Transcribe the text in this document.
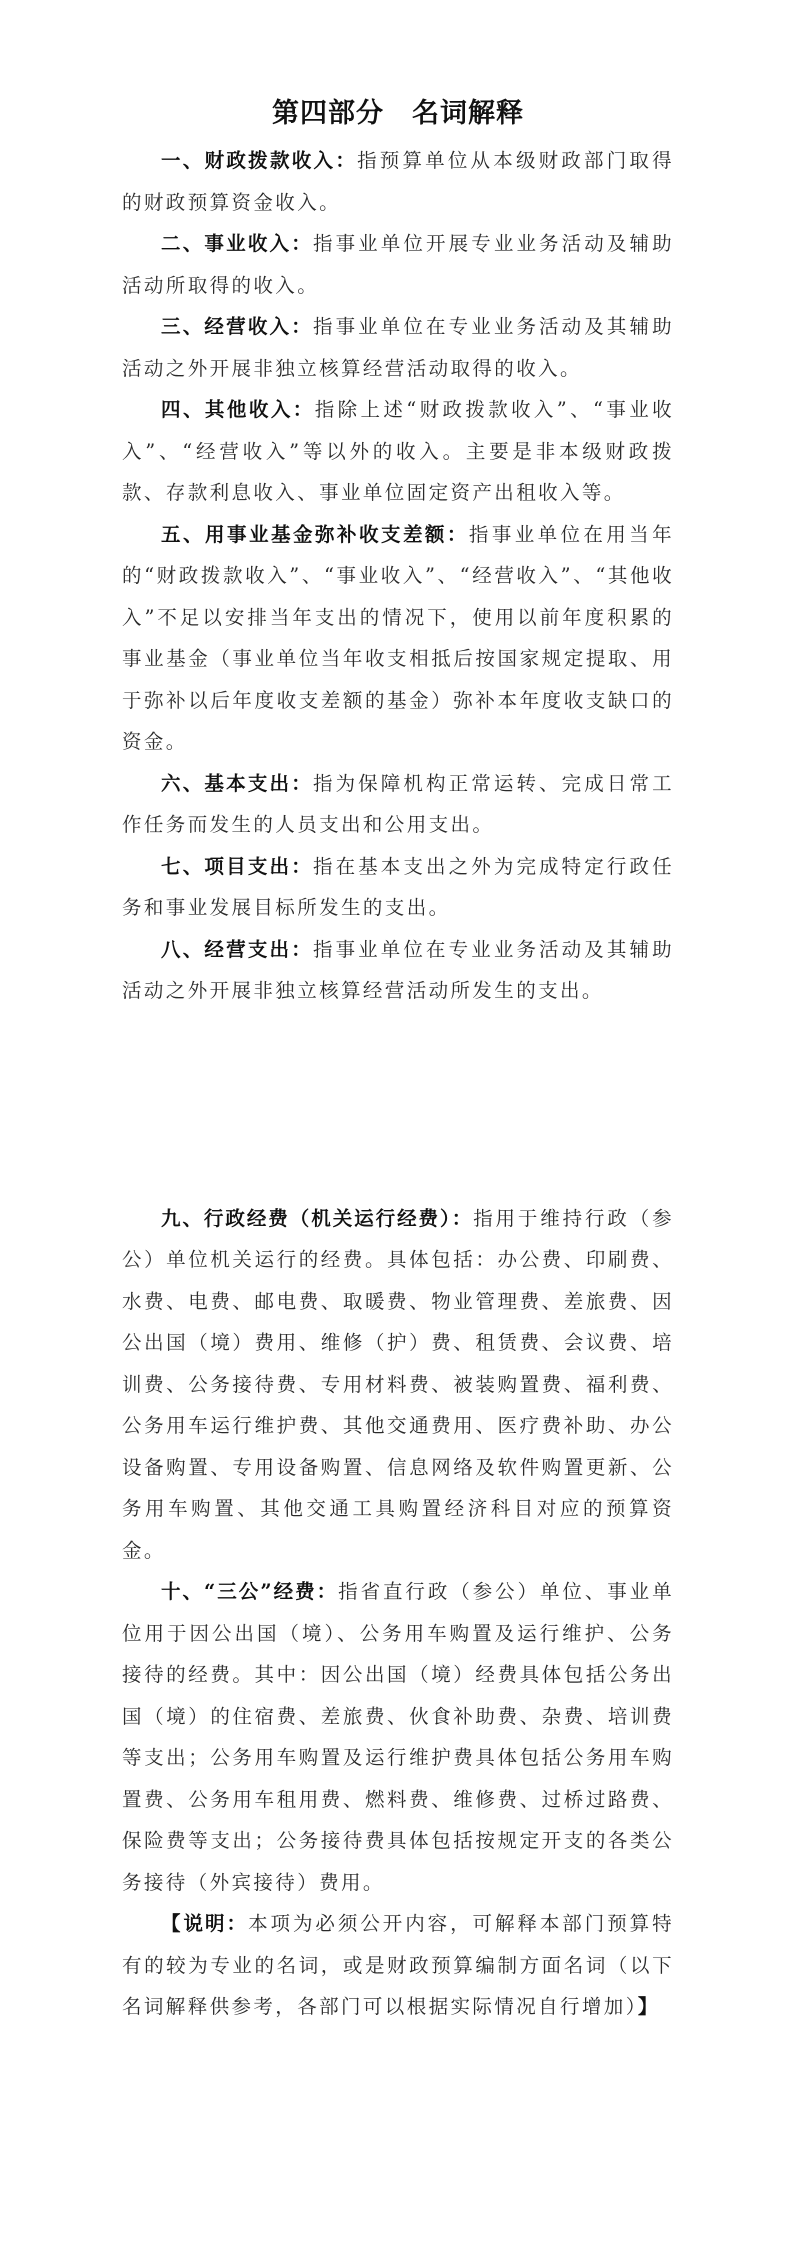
第四部分　名词解释

一、财政拨款收入：指预算单位从本级财政部门取得的财政预算资金收入。

二、事业收入：指事业单位开展专业业务活动及辅助活动所取得的收入。

三、经营收入：指事业单位在专业业务活动及其辅助活动之外开展非独立核算经营活动取得的收入。

四、其他收入：指除上述“财政拨款收入”、“事业收入”、“经营收入”等以外的收入。主要是非本级财政拨款、存款利息收入、事业单位固定资产出租收入等。

五、用事业基金弥补收支差额：指事业单位在用当年的“财政拨款收入”、“事业收入”、“经营收入”、“其他收入”不足以安排当年支出的情况下，使用以前年度积累的事业基金（事业单位当年收支相抵后按国家规定提取、用于弥补以后年度收支差额的基金）弥补本年度收支缺口的资金。

六、基本支出：指为保障机构正常运转、完成日常工作任务而发生的人员支出和公用支出。

七、项目支出：指在基本支出之外为完成特定行政任务和事业发展目标所发生的支出。

八、经营支出：指事业单位在专业业务活动及其辅助活动之外开展非独立核算经营活动所发生的支出。

九、行政经费（机关运行经费）：指用于维持行政（参公）单位机关运行的经费。具体包括：办公费、印刷费、水费、电费、邮电费、取暖费、物业管理费、差旅费、因公出国（境）费用、维修（护）费、租赁费、会议费、培训费、公务接待费、专用材料费、被装购置费、福利费、公务用车运行维护费、其他交通费用、医疗费补助、办公设备购置、专用设备购置、信息网络及软件购置更新、公务用车购置、其他交通工具购置经济科目对应的预算资金。

十、“三公”经费：指省直行政（参公）单位、事业单位用于因公出国（境）、公务用车购置及运行维护、公务接待的经费。其中：因公出国（境）经费具体包括公务出国（境）的住宿费、差旅费、伙食补助费、杂费、培训费等支出；公务用车购置及运行维护费具体包括公务用车购置费、公务用车租用费、燃料费、维修费、过桥过路费、保险费等支出；公务接待费具体包括按规定开支的各类公务接待（外宾接待）费用。

【说明：本项为必须公开内容，可解释本部门预算特有的较为专业的名词，或是财政预算编制方面名词（以下名词解释供参考，各部门可以根据实际情况自行增加）】
